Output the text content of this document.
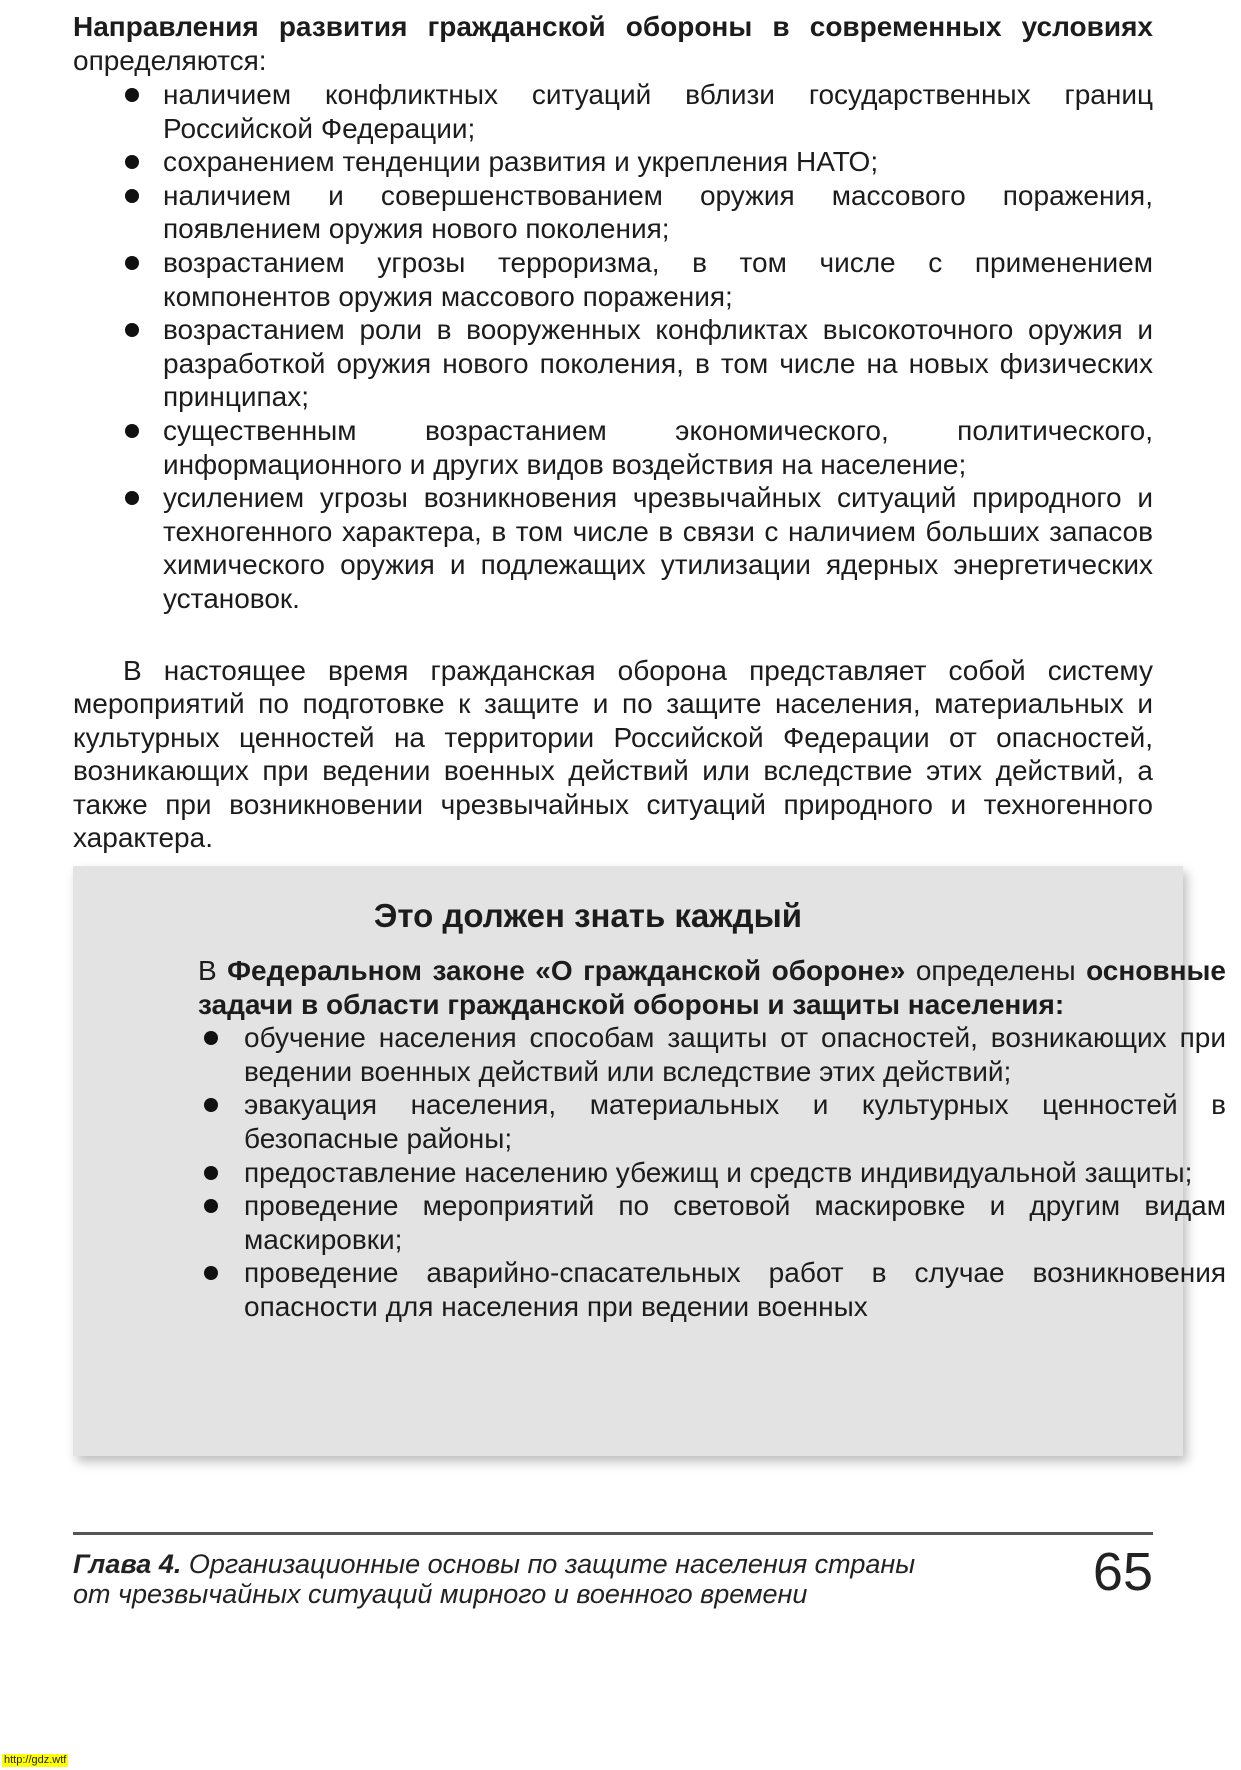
Направления развития гражданской обороны в современных условиях определяются:

наличием конфликтных ситуаций вблизи государственных границ Российской Федерации;
сохранением тенденции развития и укрепления НАТО;
наличием и совершенствованием оружия массового поражения, появлением оружия нового поколения;
возрастанием угрозы терроризма, в том числе с применением компонентов оружия массового поражения;
возрастанием роли в вооруженных конфликтах высокоточного оружия и разработкой оружия нового поколения, в том числе на новых физических принципах;
существенным возрастанием экономического, политического, информационного и других видов воздействия на население;
усилением угрозы возникновения чрезвычайных ситуаций природного и техногенного характера, в том числе в связи с наличием больших запасов химического оружия и подлежащих утилизации ядерных энергетических установок.

В настоящее время гражданская оборона представляет собой систему мероприятий по подготовке к защите и по защите населения, материальных и культурных ценностей на территории Российской Федерации от опасностей, возникающих при ведении военных действий или вследствие этих действий, а также при возникновении чрезвычайных ситуаций природного и техногенного характера.

Это должен знать каждый

В Федеральном законе «О гражданской обороне» определены основные задачи в области гражданской обороны и защиты населения:

обучение населения способам защиты от опасностей, возникающих при ведении военных действий или вследствие этих действий;
эвакуация населения, материальных и культурных ценностей в безопасные районы;
предоставление населению убежищ и средств индивидуальной защиты;
проведение мероприятий по световой маскировке и другим видам маскировки;
проведение аварийно-спасательных работ в случае возникновения опасности для населения при ведении военных
Глава 4. Организационные основы по защите населения страны
от чрезвычайных ситуаций мирного и военного времени	65
http://gdz.wtf
